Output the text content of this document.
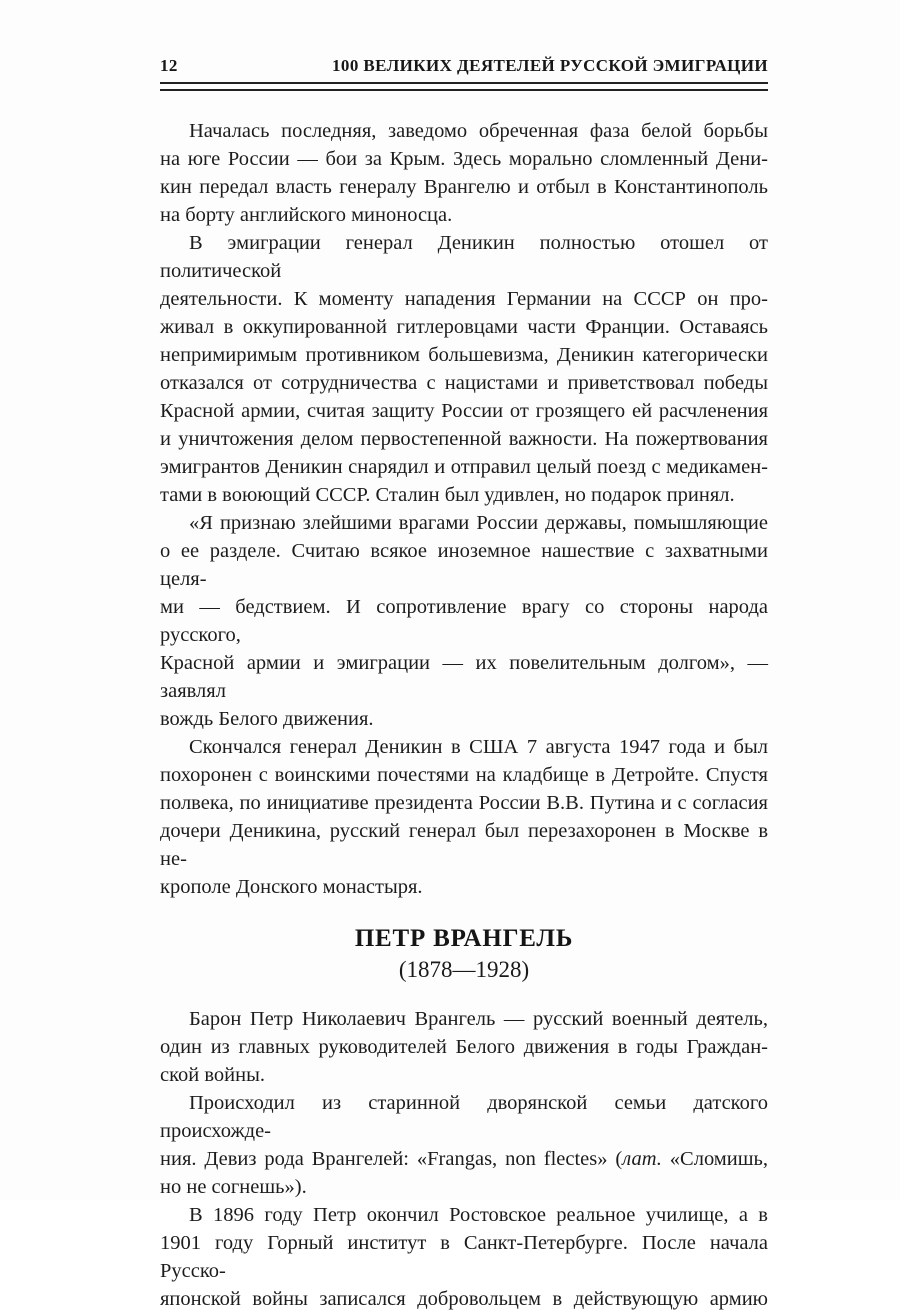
12	100 ВЕЛИКИХ ДЕЯТЕЛЕЙ РУССКОЙ ЭМИГРАЦИИ
Началась последняя, заведомо обреченная фаза белой борьбы
на юге России — бои за Крым. Здесь морально сломленный Дени-
кин передал власть генералу Врангелю и отбыл в Константинополь
на борту английского миноносца.
В эмиграции генерал Деникин полностью отошел от политической
деятельности. К моменту нападения Германии на СССР он про-
живал в оккупированной гитлеровцами части Франции. Оставаясь
непримиримым противником большевизма, Деникин категорически
отказался от сотрудничества с нацистами и приветствовал победы
Красной армии, считая защиту России от грозящего ей расчленения
и уничтожения делом первостепенной важности. На пожертвования
эмигрантов Деникин снарядил и отправил целый поезд с медикамен-
тами в воюющий СССР. Сталин был удивлен, но подарок принял.
«Я признаю злейшими врагами России державы, помышляющие
о ее разделе. Считаю всякое иноземное нашествие с захватными целя-
ми — бедствием. И сопротивление врагу со стороны народа русского,
Красной армии и эмиграции — их повелительным долгом», — заявлял
вождь Белого движения.
Скончался генерал Деникин в США 7 августа 1947 года и был
похоронен с воинскими почестями на кладбище в Детройте. Спустя
полвека, по инициативе президента России В.В. Путина и с согласия
дочери Деникина, русский генерал был перезахоронен в Москве в не-
крополе Донского монастыря.
ПЕТР ВРАНГЕЛЬ
(1878—1928)
Барон Петр Николаевич Врангель — русский военный деятель,
один из главных руководителей Белого движения в годы Граждан-
ской войны.
Происходил из старинной дворянской семьи датского происхожде-
ния. Девиз рода Врангелей: «Frangas, non flectes» (лат. «Сломишь,
но не согнешь»).
В 1896 году Петр окончил Ростовское реальное училище, а в
1901 году Горный институт в Санкт-Петербурге. После начала Русско-
японской войны записался добровольцем в действующую армию
